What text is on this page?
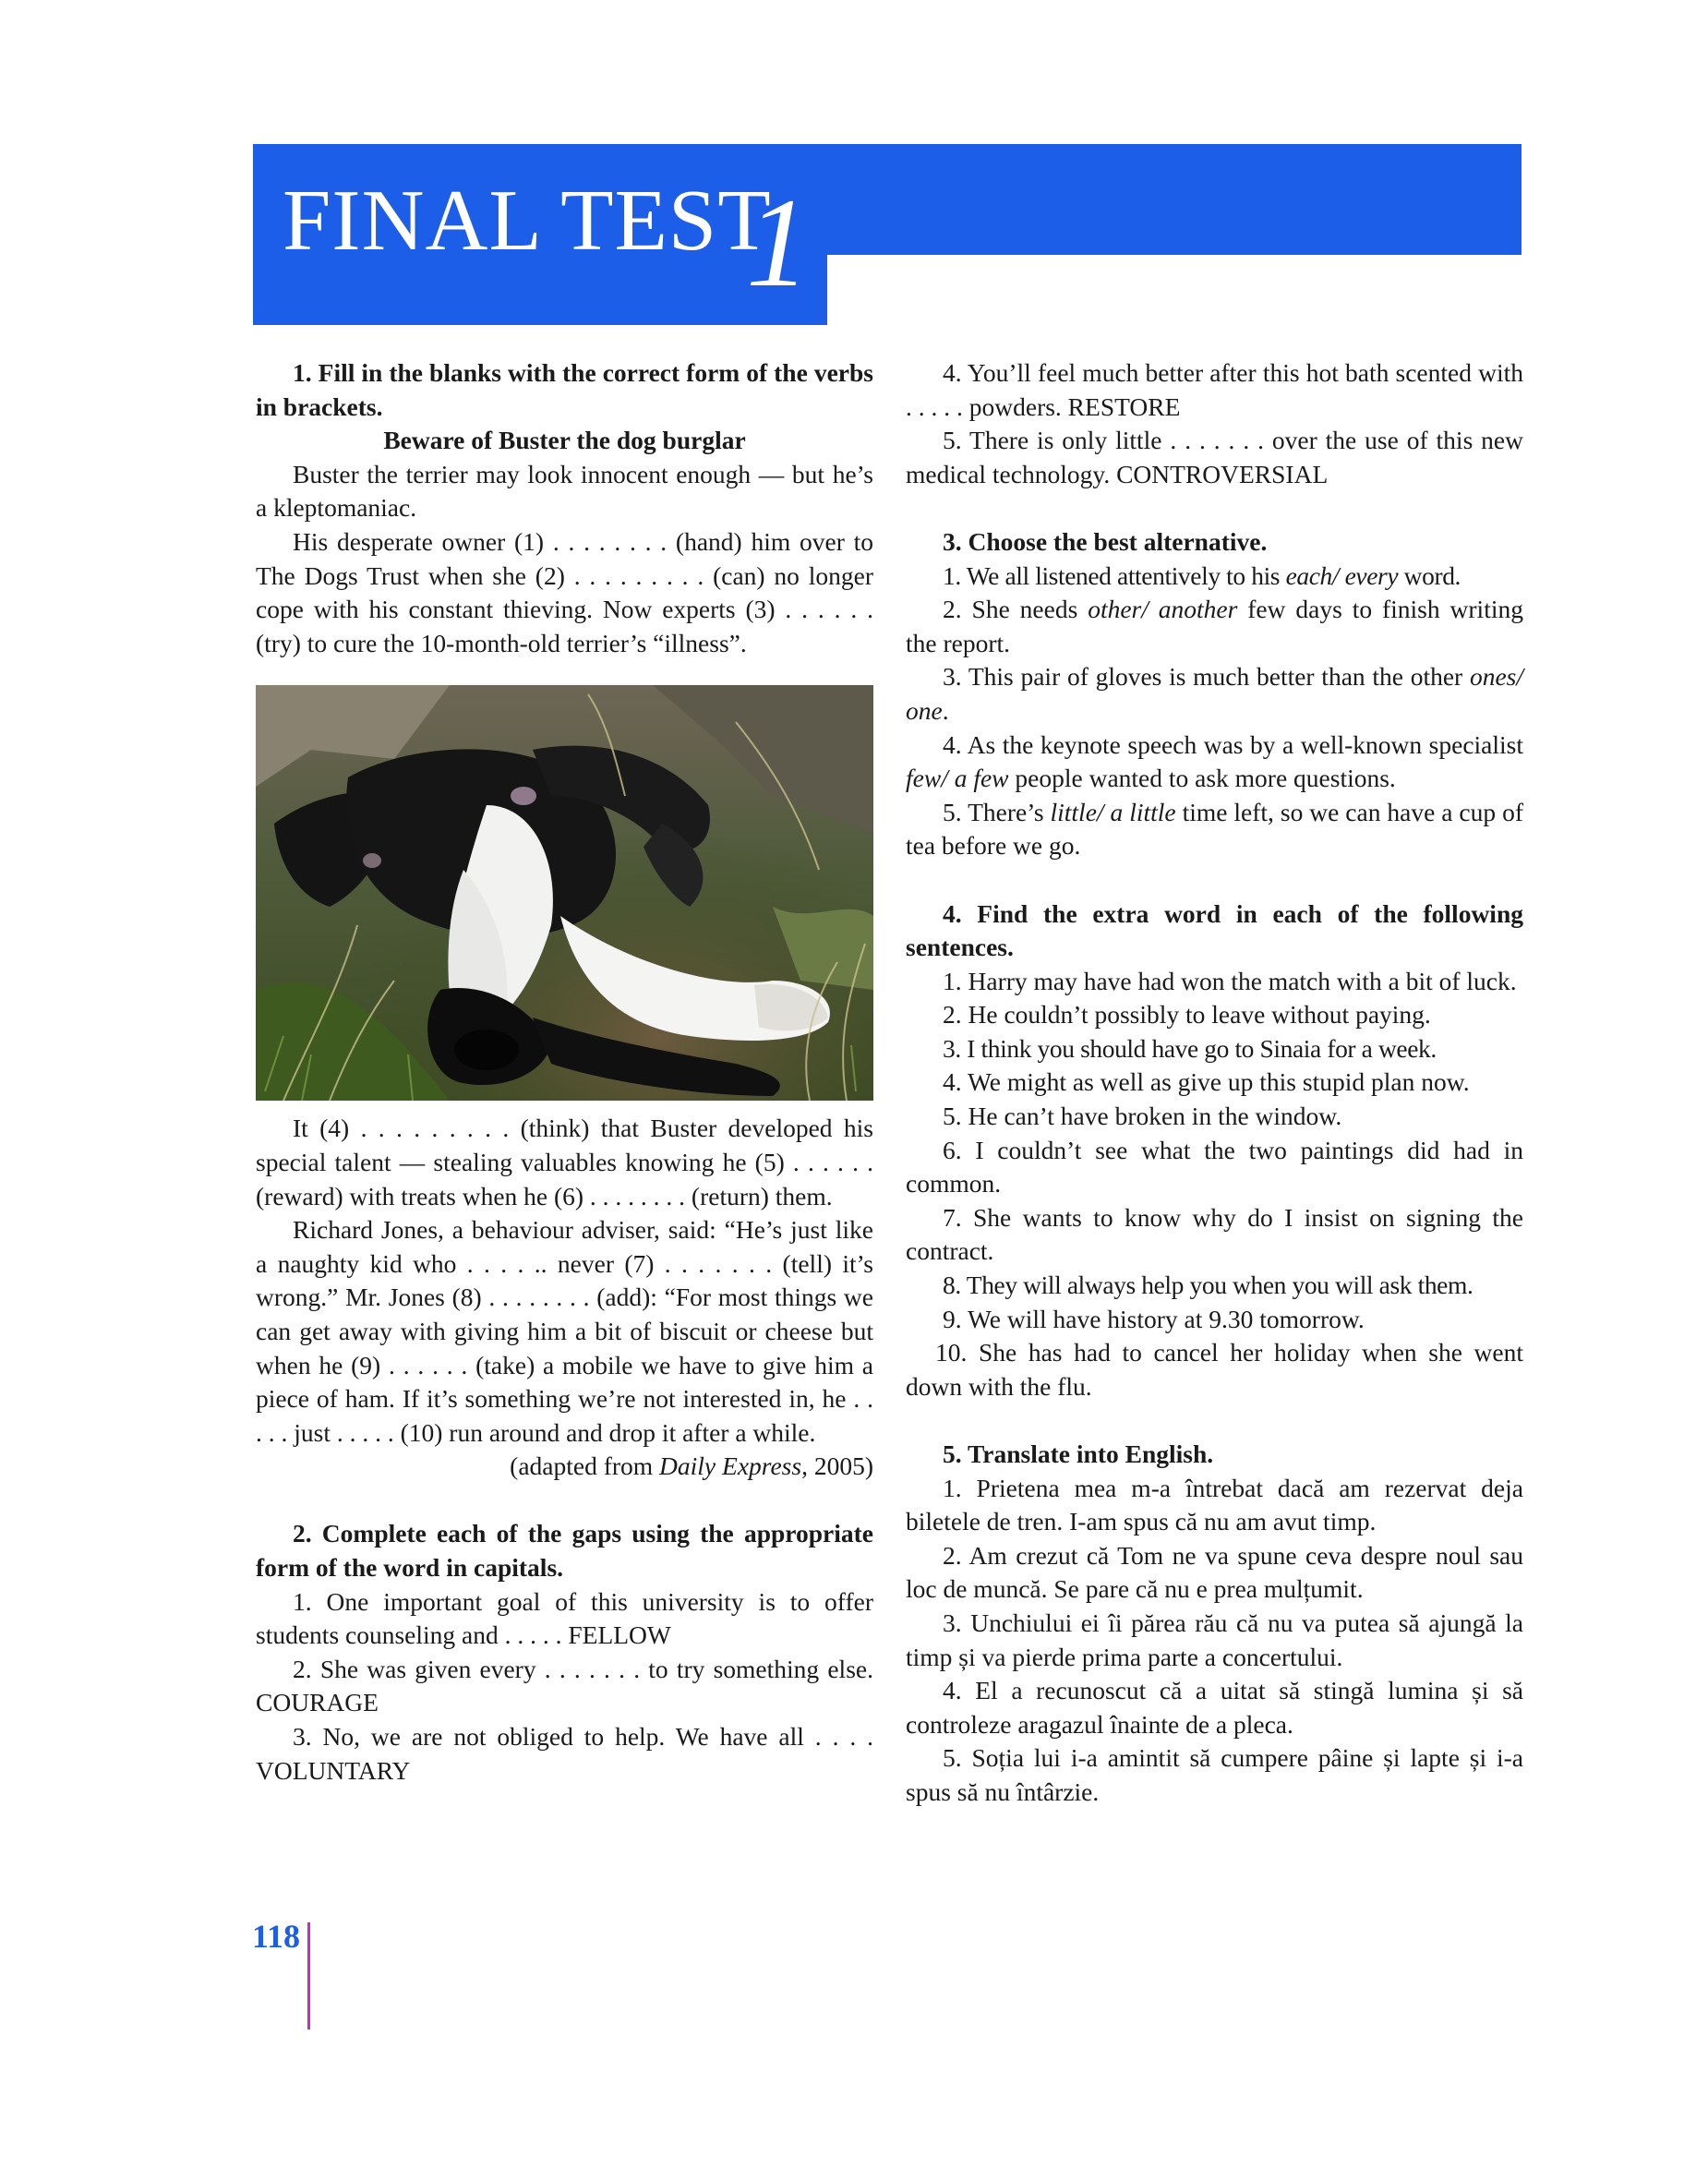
FINAL TEST
1

1. Fill in the blanks with the correct form of the verbs in brackets.

Beware of Buster the dog burglar

Buster the terrier may look innocent enough — but he’s a kleptomaniac.

His desperate owner (1) . . . . . . . . (hand) him over to The Dogs Trust when she (2) . . . . . . . . . (can) no longer cope with his constant thieving. Now experts (3) . . . . . . (try) to cure the 10-month-old terrier’s “illness”.

It (4) . . . . . . . . . (think) that Buster developed his special talent — stealing valuables knowing he (5) . . . . . . (reward) with treats when he (6) . . . . . . . . (return) them.

Richard Jones, a behaviour adviser, said: “He’s just like a naughty kid who . . . . .. never (7) . . . . . . . (tell) it’s wrong.” Mr. Jones (8) . . . . . . . . (add): “For most things we can get away with giving him a bit of biscuit or cheese but when he (9) . . . . . . (take) a mobile we have to give him a piece of ham. If it’s something we’re not interested in, he . . . . . just . . . . . (10) run around and drop it after a while.

(adapted from Daily Express, 2005)

2. Complete each of the gaps using the appropriate form of the word in capitals.

1. One important goal of this university is to offer students counseling and . . . . . FELLOW

2. She was given every . . . . . . . to try something else. COURAGE

3. No, we are not obliged to help. We have all . . . . VOLUNTARY

4. You’ll feel much better after this hot bath scented with . . . . . powders. RESTORE

5. There is only little . . . . . . . over the use of this new medical technology. CONTROVERSIAL

3. Choose the best alternative.

1. We all listened attentively to his each/ every word.

2. She needs other/ another few days to finish writing the report.

3. This pair of gloves is much better than the other ones/ one.

4. As the keynote speech was by a well-known specialist few/ a few people wanted to ask more questions.

5. There’s little/ a little time left, so we can have a cup of tea before we go.

4. Find the extra word in each of the following sentences.

1. Harry may have had won the match with a bit of luck.

2. He couldn’t possibly to leave without paying.

3. I think you should have go to Sinaia for a week.

4. We might as well as give up this stupid plan now.

5. He can’t have broken in the window.

6. I couldn’t see what the two paintings did had in common.

7. She wants to know why do I insist on signing the contract.

8. They will always help you when you will ask them.

9. We will have history at 9.30 tomorrow.

10. She has had to cancel her holiday when she went down with the flu.

5. Translate into English.

1. Prietena mea m-a întrebat dacă am rezervat deja biletele de tren. I-am spus că nu am avut timp.

2. Am crezut că Tom ne va spune ceva despre noul sau loc de muncă. Se pare că nu e prea mulțumit.

3. Unchiului ei îi părea rău că nu va putea să ajungă la timp și va pierde prima parte a concertului.

4. El a recunoscut că a uitat să stingă lumina și să controleze aragazul înainte de a pleca.

5. Soția lui i-a amintit să cumpere pâine și lapte și i-a spus să nu întârzie.

118
